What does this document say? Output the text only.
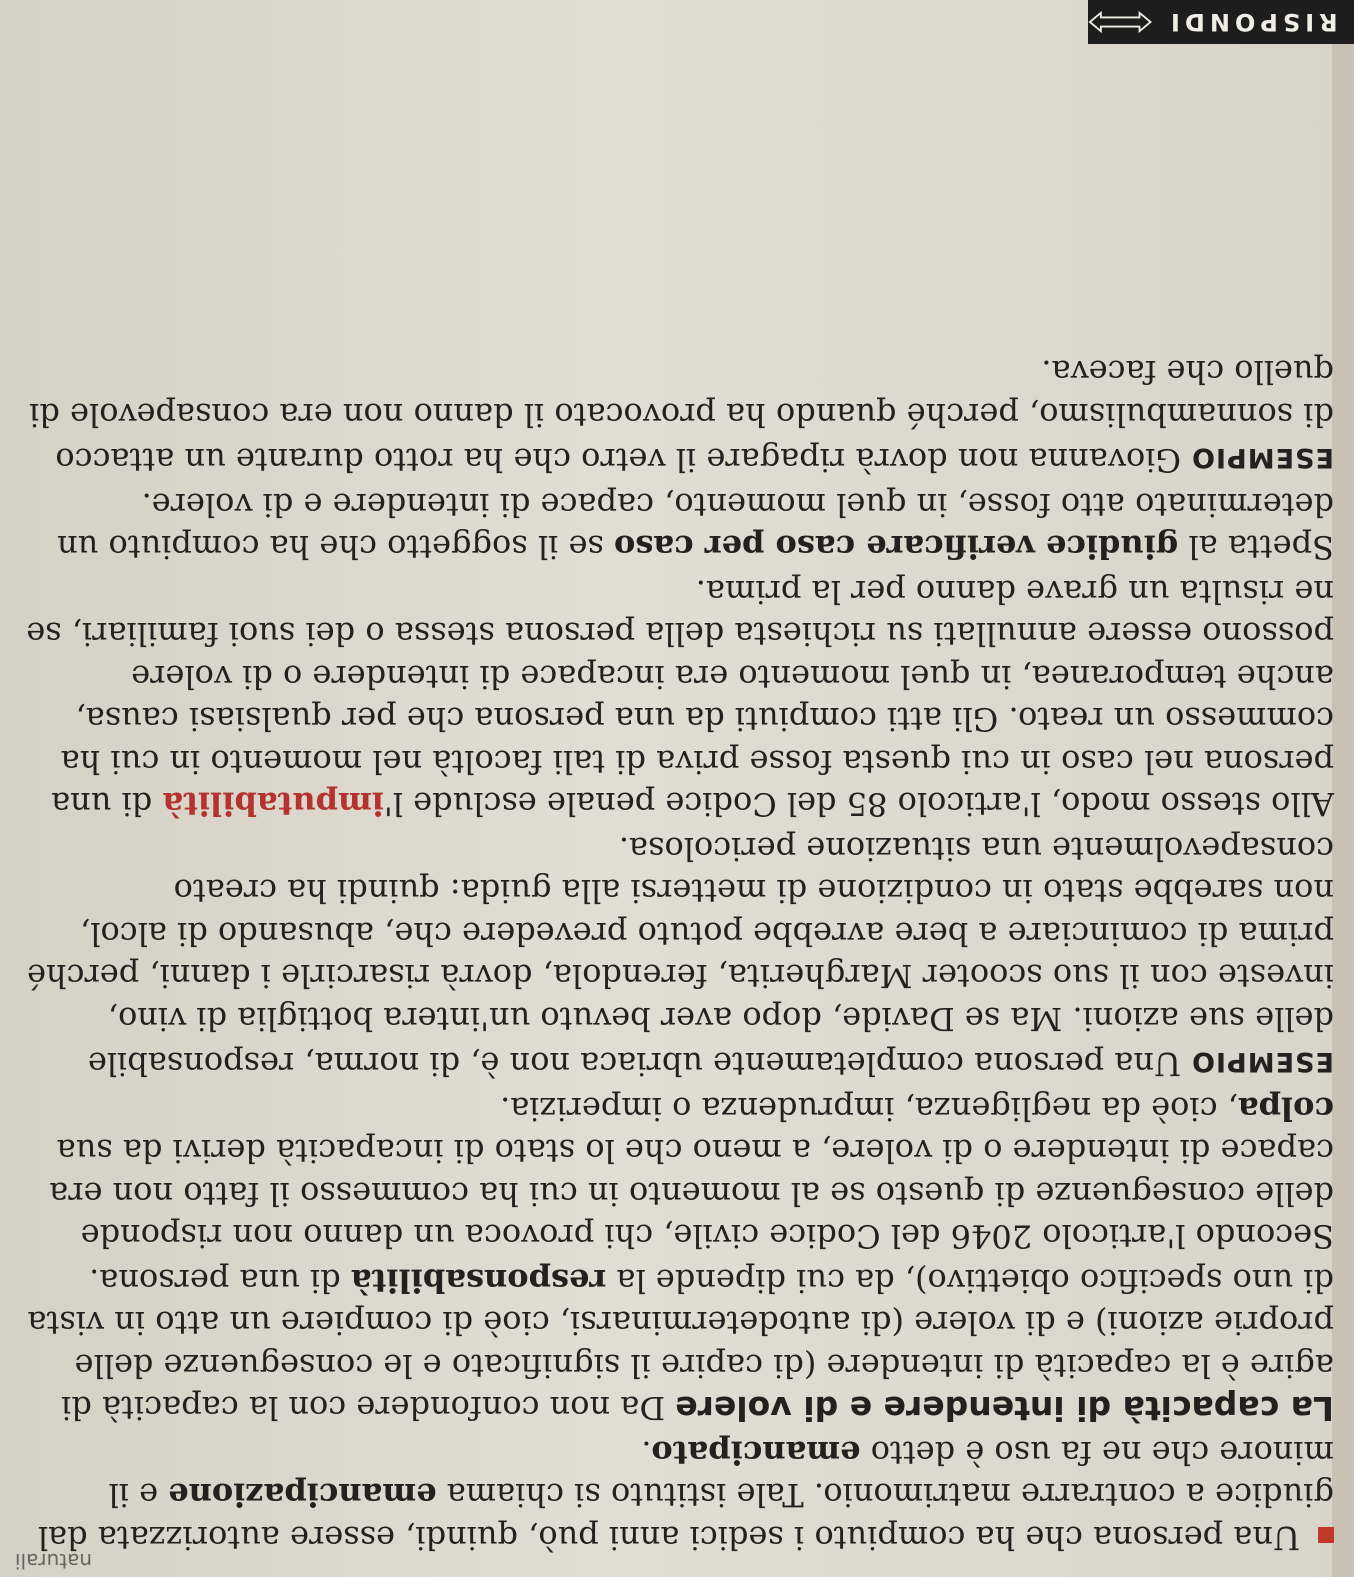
naturali

Una persona che ha compiuto i sedici anni può, quindi, essere autorizzata dal giudice a contrarre matrimonio. Tale istituto si chiama emancipazione e il minore che ne fa uso è detto emancipato.

La capacità di intendere e di volere Da non confondere con la capacità di agire è la capacità di intendere (di capire il significato e le conseguenze delle proprie azioni) e di volere (di autodeterminarsi, cioè di compiere un atto in vista di uno specifico obiettivo), da cui dipende la responsabilità di una persona.

Secondo l'articolo 2046 del Codice civile, chi provoca un danno non risponde delle conseguenze di questo se al momento in cui ha commesso il fatto non era capace di intendere o di volere, a meno che lo stato di incapacità derivi da sua colpa, cioè da negligenza, imprudenza o imperizia.

ESEMPIOUna persona completamente ubriaca non è, di norma, responsabile delle sue azioni. Ma se Davide, dopo aver bevuto un'intera bottiglia di vino, investe con il suo scooter Margherita, ferendola, dovrà risarcirle i danni, perché prima di cominciare a bere avrebbe potuto prevedere che, abusando di alcol, non sarebbe stato in condizione di mettersi alla guida: quindi ha creato consapevolmente una situazione pericolosa.

Allo stesso modo, l'articolo 85 del Codice penale esclude l'imputabilità di una persona nel caso in cui questa fosse priva di tali facoltà nel momento in cui ha commesso un reato. Gli atti compiuti da una persona che per qualsiasi causa, anche temporanea, in quel momento era incapace di intendere o di volere possono essere annullati su richiesta della persona stessa o dei suoi familiari, se ne risulta un grave danno per la prima.

Spetta al giudice verificare caso per caso se il soggetto che ha compiuto un determinato atto fosse, in quel momento, capace di intendere e di volere.

ESEMPIOGiovanna non dovrà ripagare il vetro che ha rotto durante un attacco di sonnambulismo, perché quando ha provocato il danno non era consapevole di quello che faceva.

RISPONDI
